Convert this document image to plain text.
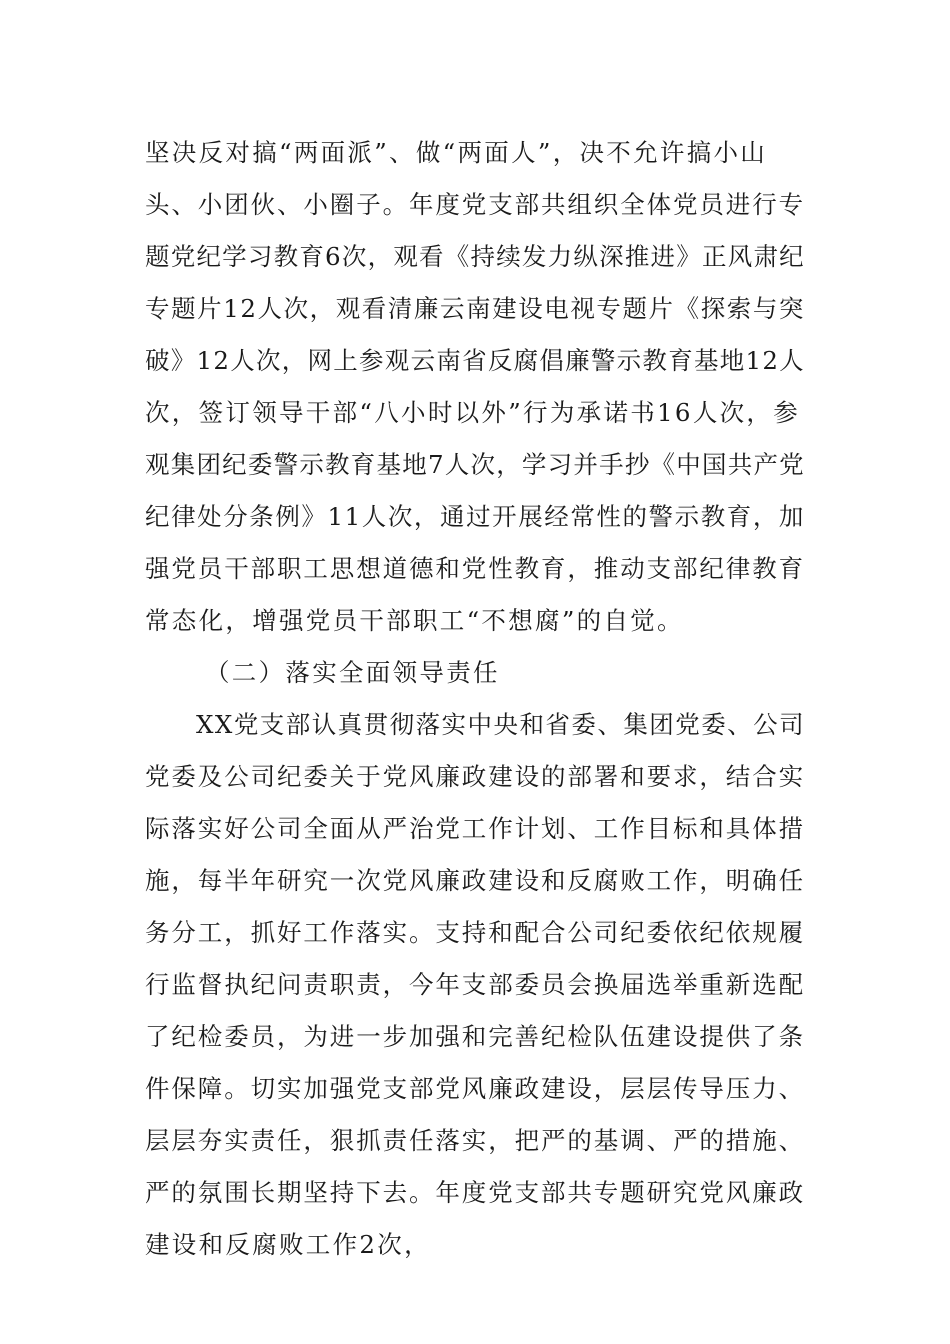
坚决反对搞“两面派”、做“两面人”，决不允许搞小山
头、小团伙、小圈子。年度党支部共组织全体党员进行专
题党纪学习教育6次，观看《持续发力纵深推进》正风肃纪
专题片12人次，观看清廉云南建设电视专题片《探索与突
破》12人次，网上参观云南省反腐倡廉警示教育基地12人
次，签订领导干部“八小时以外”行为承诺书16人次，参
观集团纪委警示教育基地7人次，学习并手抄《中国共产党
纪律处分条例》11人次，通过开展经常性的警示教育，加
强党员干部职工思想道德和党性教育，推动支部纪律教育
常态化，增强党员干部职工“不想腐”的自觉。
（二）落实全面领导责任
XX党支部认真贯彻落实中央和省委、集团党委、公司
党委及公司纪委关于党风廉政建设的部署和要求，结合实
际落实好公司全面从严治党工作计划、工作目标和具体措
施，每半年研究一次党风廉政建设和反腐败工作，明确任
务分工，抓好工作落实。支持和配合公司纪委依纪依规履
行监督执纪问责职责，今年支部委员会换届选举重新选配
了纪检委员，为进一步加强和完善纪检队伍建设提供了条
件保障。切实加强党支部党风廉政建设，层层传导压力、
层层夯实责任，狠抓责任落实，把严的基调、严的措施、
严的氛围长期坚持下去。年度党支部共专题研究党风廉政
建设和反腐败工作2次，
